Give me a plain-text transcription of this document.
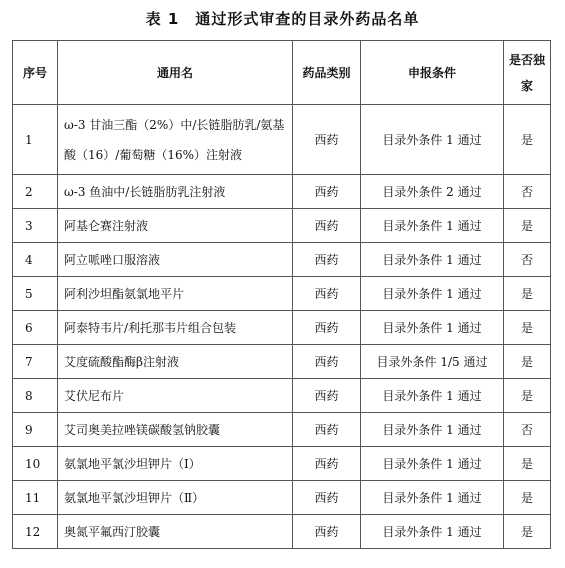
表 1　通过形式审查的目录外药品名单
序号	通用名	药品类别	申报条件	是否独家
1	ω-3 甘油三酯（2%）中/长链脂肪乳/氨基酸（16）/葡萄糖（16%）注射液	西药	目录外条件 1 通过	是
2	ω-3 鱼油中/长链脂肪乳注射液	西药	目录外条件 2 通过	否
3	阿基仑赛注射液	西药	目录外条件 1 通过	是
4	阿立哌唑口服溶液	西药	目录外条件 1 通过	否
5	阿利沙坦酯氨氯地平片	西药	目录外条件 1 通过	是
6	阿泰特韦片/利托那韦片组合包装	西药	目录外条件 1 通过	是
7	艾度硫酸酯酶β注射液	西药	目录外条件 1/5 通过	是
8	艾伏尼布片	西药	目录外条件 1 通过	是
9	艾司奥美拉唑镁碳酸氢钠胶囊	西药	目录外条件 1 通过	否
10	氨氯地平氯沙坦钾片（Ⅰ）	西药	目录外条件 1 通过	是
11	氨氯地平氯沙坦钾片（Ⅱ）	西药	目录外条件 1 通过	是
12	奥氮平氟西汀胶囊	西药	目录外条件 1 通过	是
